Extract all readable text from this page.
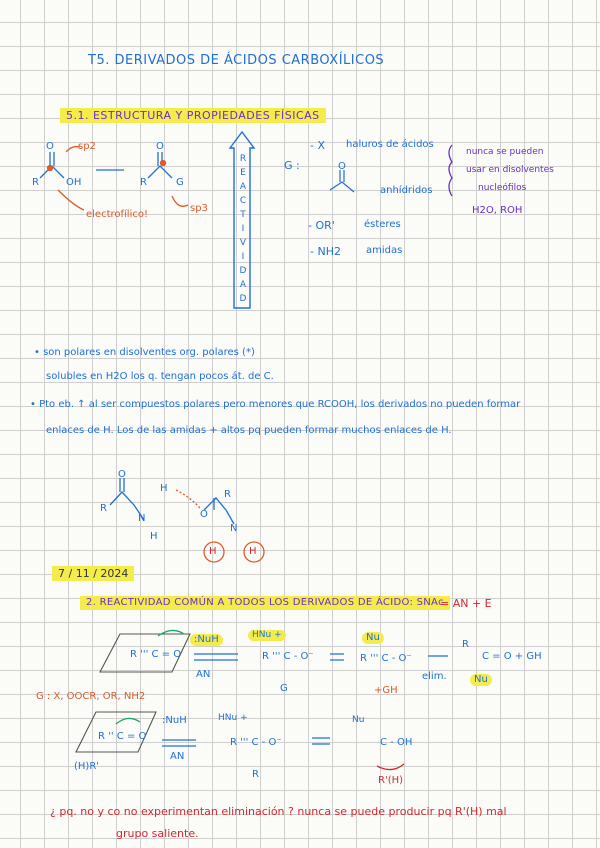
T5. DERIVADOS DE ÁCIDOS CARBOXÍLICOS
5.1. ESTRUCTURA Y PROPIEDADES FÍSICAS
sp2
sp3
electrofílico!
R	OH
O
R	G
O
R
E
A
C
T
I
V
I
D
A
D
G :
- X haluros de ácidos
O
anhídridos
- OR'	ésteres
- NH2	amidas
nunca se pueden
usar en disolventes
nucleófilos
H2O, ROH
• son polares en disolventes org. polares (*)
solubles en H2O los q. tengan pocos át. de C.
• Pto eb. ↑ al ser compuestos polares pero menores que RCOOH, los derivados no pueden formar
enlaces de H. Los de las amidas + altos pq pueden formar muchos enlaces de H.
R
O
N
H
H
O
R
N
H	H
7 / 11 / 2024
2. REACTIVIDAD COMÚN A TODOS LOS DERIVADOS DE ÁCIDO: SNAc
= AN + E
:NuH
AN
R ''' C = O
HNu +
R ''' C - O⁻
G
Nu
R ''' C - O⁻
+GH
elim.
R
C = O + GH
Nu
G : X, OOCR, OR, NH2
:NuH
AN
R '' C = O
(H)R'
HNu +
R ''' C - O⁻
R
Nu
C - OH
R'(H)
¿ pq. no y co no experimentan eliminación ? nunca se puede producir pq R'(H) mal
grupo saliente.
